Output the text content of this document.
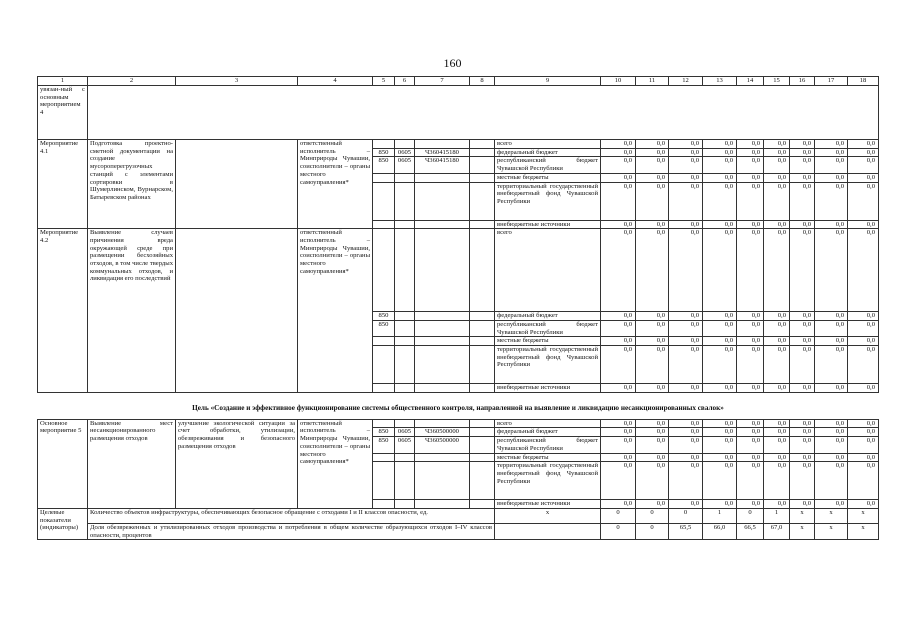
160
1	2	3	4	5	6	7	8	9	10	11	12	13	14	15	16	17	18	
увязан-ный с основным мероприятием 4																		
Мероприятие 4.1	Подготовка проектно-сметной документации на создание мусороперегрузочных станций с элементами сортировки в Шумерлинском, Вурнарском, Батыревском районах		ответственный исполнитель – Минприроды Чувашии, соисполнители – органы местного самоуправления*					всего	0,0	0,0	0,0	0,0	0,0	0,0	0,0	0,0	0,0	
				850	0605	Ч360415180		федеральный бюджет	0,0	0,0	0,0	0,0	0,0	0,0	0,0	0,0	0,0	
				850	0605	Ч360415180		республиканский бюджет Чувашской Республики	0,0	0,0	0,0	0,0	0,0	0,0	0,0	0,0	0,0	
								местные бюджеты	0,0	0,0	0,0	0,0	0,0	0,0	0,0	0,0	0,0	
								территориальный государственный внебюджетный фонд Чувашской Республики	0,0	0,0	0,0	0,0	0,0	0,0	0,0	0,0	0,0	
								внебюджетные источники	0,0	0,0	0,0	0,0	0,0	0,0	0,0	0,0	0,0	
Мероприятие 4.2	Выявление случаев причинения вреда окружающей среде при размещении бесхозяйных отходов, в том числе твердых коммунальных отходов, и ликвидация его последствий		ответственный исполнитель – Минприроды Чувашии, соисполнители – органы местного самоуправления*					всего	0,0	0,0	0,0	0,0	0,0	0,0	0,0	0,0	0,0	
				850				федеральный бюджет	0,0	0,0	0,0	0,0	0,0	0,0	0,0	0,0	0,0	
				850				республиканский бюджет Чувашской Республики	0,0	0,0	0,0	0,0	0,0	0,0	0,0	0,0	0,0	
								местные бюджеты	0,0	0,0	0,0	0,0	0,0	0,0	0,0	0,0	0,0	
								территориальный государственный внебюджетный фонд Чувашской Республики	0,0	0,0	0,0	0,0	0,0	0,0	0,0	0,0	0,0	
								внебюджетные источники	0,0	0,0	0,0	0,0	0,0	0,0	0,0	0,0	0,0	
Цель «Создание и эффективное функционирование системы общественного контроля, направленной на выявление и ликвидацию несанкционированных свалок»																		
Основное мероприятие 5	Выявление мест несанкционированного размещения отходов	улучшение экологической ситуации за счет обработки, утилизации, обезвреживания и безопасного размещения отходов	ответственный исполнитель – Минприроды Чувашии, соисполнители – органы местного самоуправления*					всего	0,0	0,0	0,0	0,0	0,0	0,0	0,0	0,0	0,0	
				850	0605	Ч360500000		федеральный бюджет	0,0	0,0	0,0	0,0	0,0	0,0	0,0	0,0	0,0	
				850	0605	Ч360500000		республиканский бюджет Чувашской Республики	0,0	0,0	0,0	0,0	0,0	0,0	0,0	0,0	0,0	
								местные бюджеты	0,0	0,0	0,0	0,0	0,0	0,0	0,0	0,0	0,0	
								территориальный государственный внебюджетный фонд Чувашской Республики	0,0	0,0	0,0	0,0	0,0	0,0	0,0	0,0	0,0	
								внебюджетные источники	0,0	0,0	0,0	0,0	0,0	0,0	0,0	0,0	0,0	
Целевые показатели (индикаторы)	Количество объектов инфраструктуры, обеспечивающих безопасное обращение с отходами I и II классов опасности, ед.							x	0	0	0	1	0	1	x	x	x	
	Доля обезвреженных и утилизированных отходов производства и потребления в общем количестве образующихся отходов I–IV классов опасности, процентов								0	0	65,5	66,0	66,5	67,0	x	x	x	
